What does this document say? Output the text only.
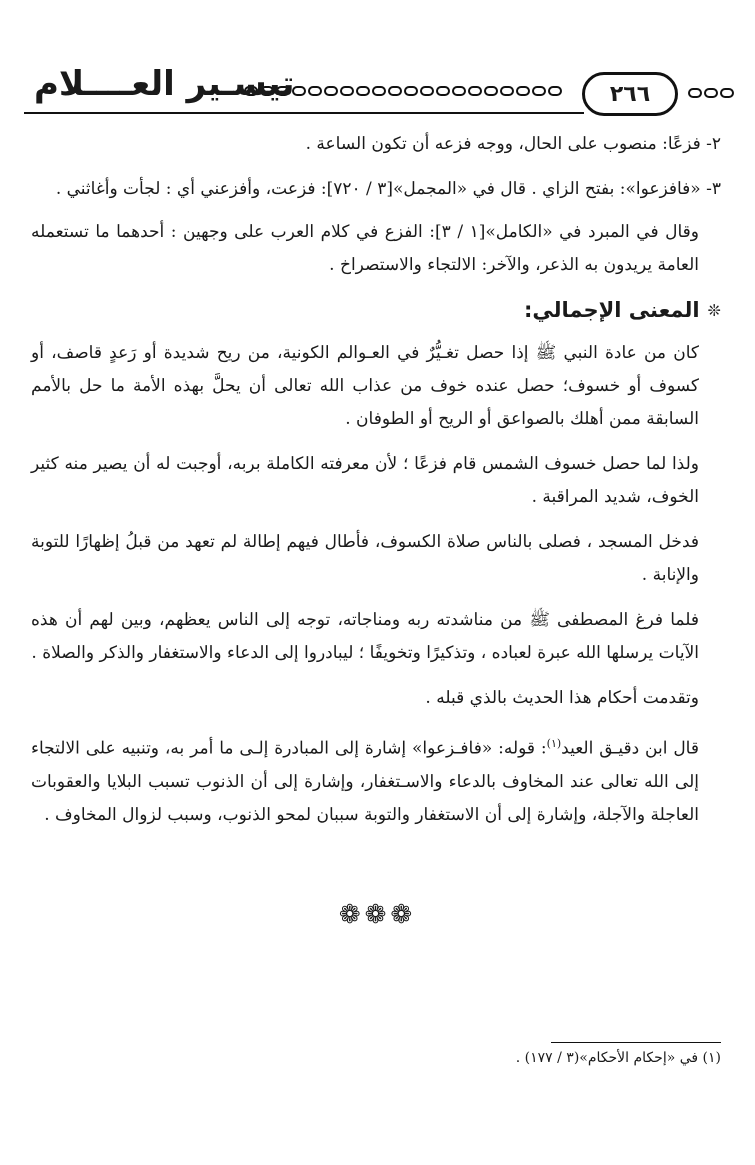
٢٦٦
تيسـير العــــلام

٢- فزعًا: منصوب على الحال، ووجه فزعه أن تكون الساعة .

٣- «فافزعوا»: بفتح الزاي . قال في «المجمل»[٣ / ٧٢٠]: فزعت، وأفزعني أي : لجأت وأغاثني .

وقال في المبرد في «الكامل»[١ / ٣]: الفزع في كلام العرب على وجهين : أحدهما ما تستعمله العامة يريدون به الذعر، والآخر: الالتجاء والاستصراخ .

❊
المعنى الإجمالي:

كان من عادة النبي ﷺ إذا حصل تغـيُّرٌ في العـوالم الكونية، من ريح شديدة أو رَعدٍ قاصف، أو كسوف أو خسوف؛ حصل عنده خوف من عذاب الله تعالى أن يحلَّ بهذه الأمة ما حل بالأمم السابقة ممن أهلك بالصواعق أو الريح أو الطوفان .

ولذا لما حصل خسوف الشمس قام فزعًا ؛ لأن معرفته الكاملة بربه، أوجبت له أن يصير منه كثير الخوف، شديد المراقبة .

فدخل المسجد ، فصلى بالناس صلاة الكسوف، فأطال فيهم إطالة لم تعهد من قبلُ إظهارًا للتوبة والإنابة .

فلما فرغ المصطفى ﷺ من مناشدته ربه ومناجاته، توجه إلى الناس يعظهم، وبين لهم أن هذه الآيات يرسلها الله عبرة لعباده ، وتذكيرًا وتخويفًا ؛ ليبادروا إلى الدعاء والاستغفار والذكر والصلاة .

وتقدمت أحكام هذا الحديث بالذي قبله .

قال ابن دقيـق العيد$^{(١)}$: قوله: «فافـزعوا» إشارة إلى المبادرة إلـى ما أمر به، وتنبيه على الالتجاء إلى الله تعالى عند المخاوف بالدعاء والاسـتغفار، وإشارة إلى أن الذنوب تسبب البلايا والعقوبات العاجلة والآجلة، وإشارة إلى أن الاستغفار والتوبة سببان لمحو الذنوب، وسبب لزوال المخاوف .

❁❁❁
(١) في «إحكام الأحكام»(٣ / ١٧٧) .
